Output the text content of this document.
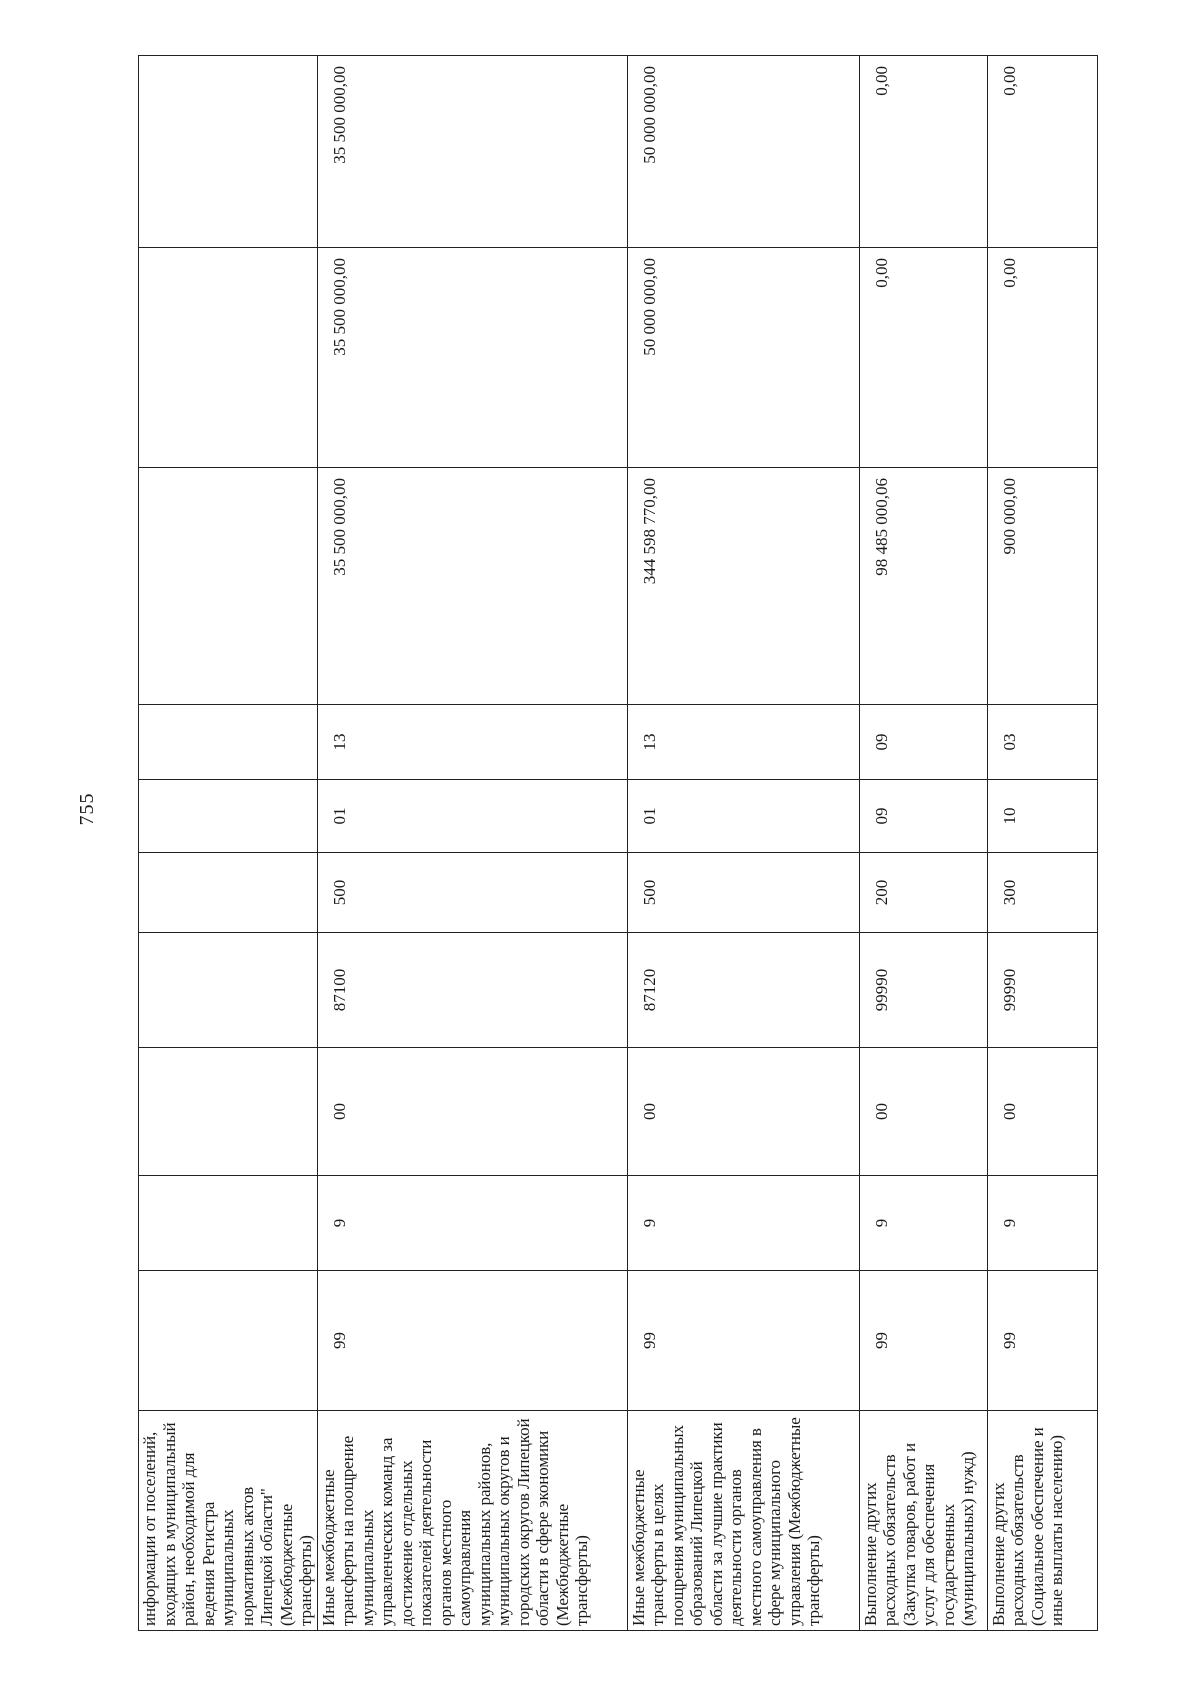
755
информации от поселений, входящих в муниципальный район, необходимой для ведения Регистра муниципальных нормативных актов Липецкой области" (Межбюджетные трансферты)										
Иные межбюджетные трансферты на поощрение муниципальных управленческих команд за достижение отдельных показателей деятельности органов местного самоуправления муниципальных районов, муниципальных округов и городских округов Липецкой области в сфере экономики (Межбюджетные трансферты)	99	9	00	87100	500	01	13	35 500 000,00	35 500 000,00	35 500 000,00
Иные межбюджетные трансферты в целях поощрения муниципальных образований Липецкой области за лучшие практики деятельности органов местного самоуправления в сфере муниципального управления (Межбюджетные трансферты)	99	9	00	87120	500	01	13	344 598 770,00	50 000 000,00	50 000 000,00
Выполнение других расходных обязательств (Закупка товаров, работ и услуг для обеспечения государственных (муниципальных) нужд)	99	9	00	99990	200	09	09	98 485 000,06	0,00	0,00
Выполнение других расходных обязательств (Социальное обеспечение и иные выплаты населению)	99	9	00	99990	300	10	03	900 000,00	0,00	0,00
